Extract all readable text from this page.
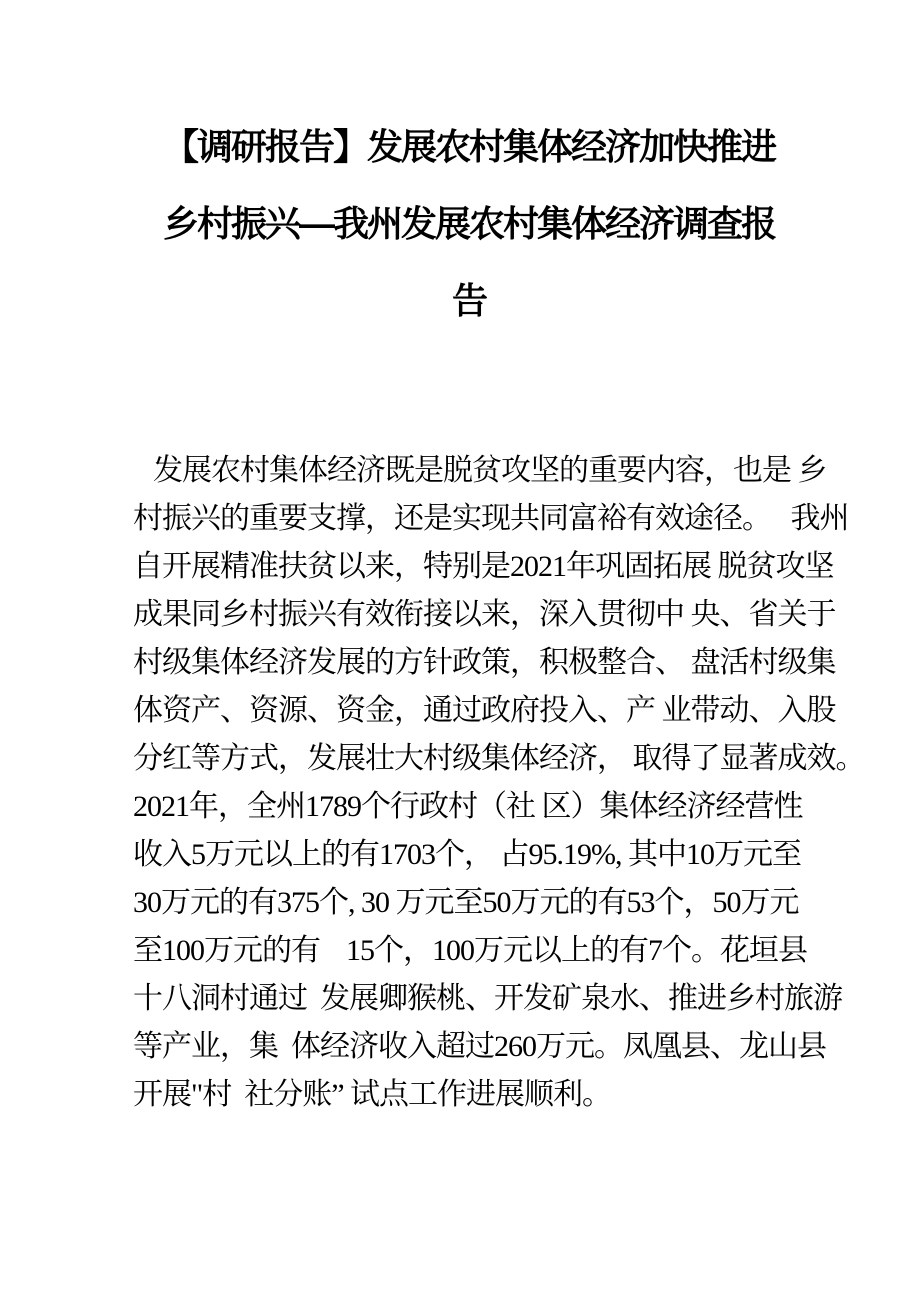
【调研报告】发展农村集体经济加快推进
乡村振兴—我州发展农村集体经济调查报
告
发展农村集体经济既是脱贫攻坚的重要内容，也是 乡
村振兴的重要支撑，还是实现共同富裕有效途径。   我州
自开展精准扶贫以来，特别是2021年巩固拓展 脱贫攻坚
成果同乡村振兴有效衔接以来，深入贯彻中 央、省关于
村级集体经济发展的方针政策，积极整合、 盘活村级集
体资产、资源、资金，通过政府投入、产 业带动、入股
分红等方式，发展壮大村级集体经济， 取得了显著成效。
2021年，全州1789个行政村（社 区）集体经济经营性
收入5万元以上的有1703个， 占95.19%, 其中10万元至
30万元的有375个, 30 万元至50万元的有53个，50万元
至100万元的有    15个，100万元以上的有7个。花垣县
十八洞村通过  发展卿猴桃、开发矿泉水、推进乡村旅游
等产业，集  体经济收入超过260万元。凤凰县、龙山县
开展"村  社分账” 试点工作进展顺利。
